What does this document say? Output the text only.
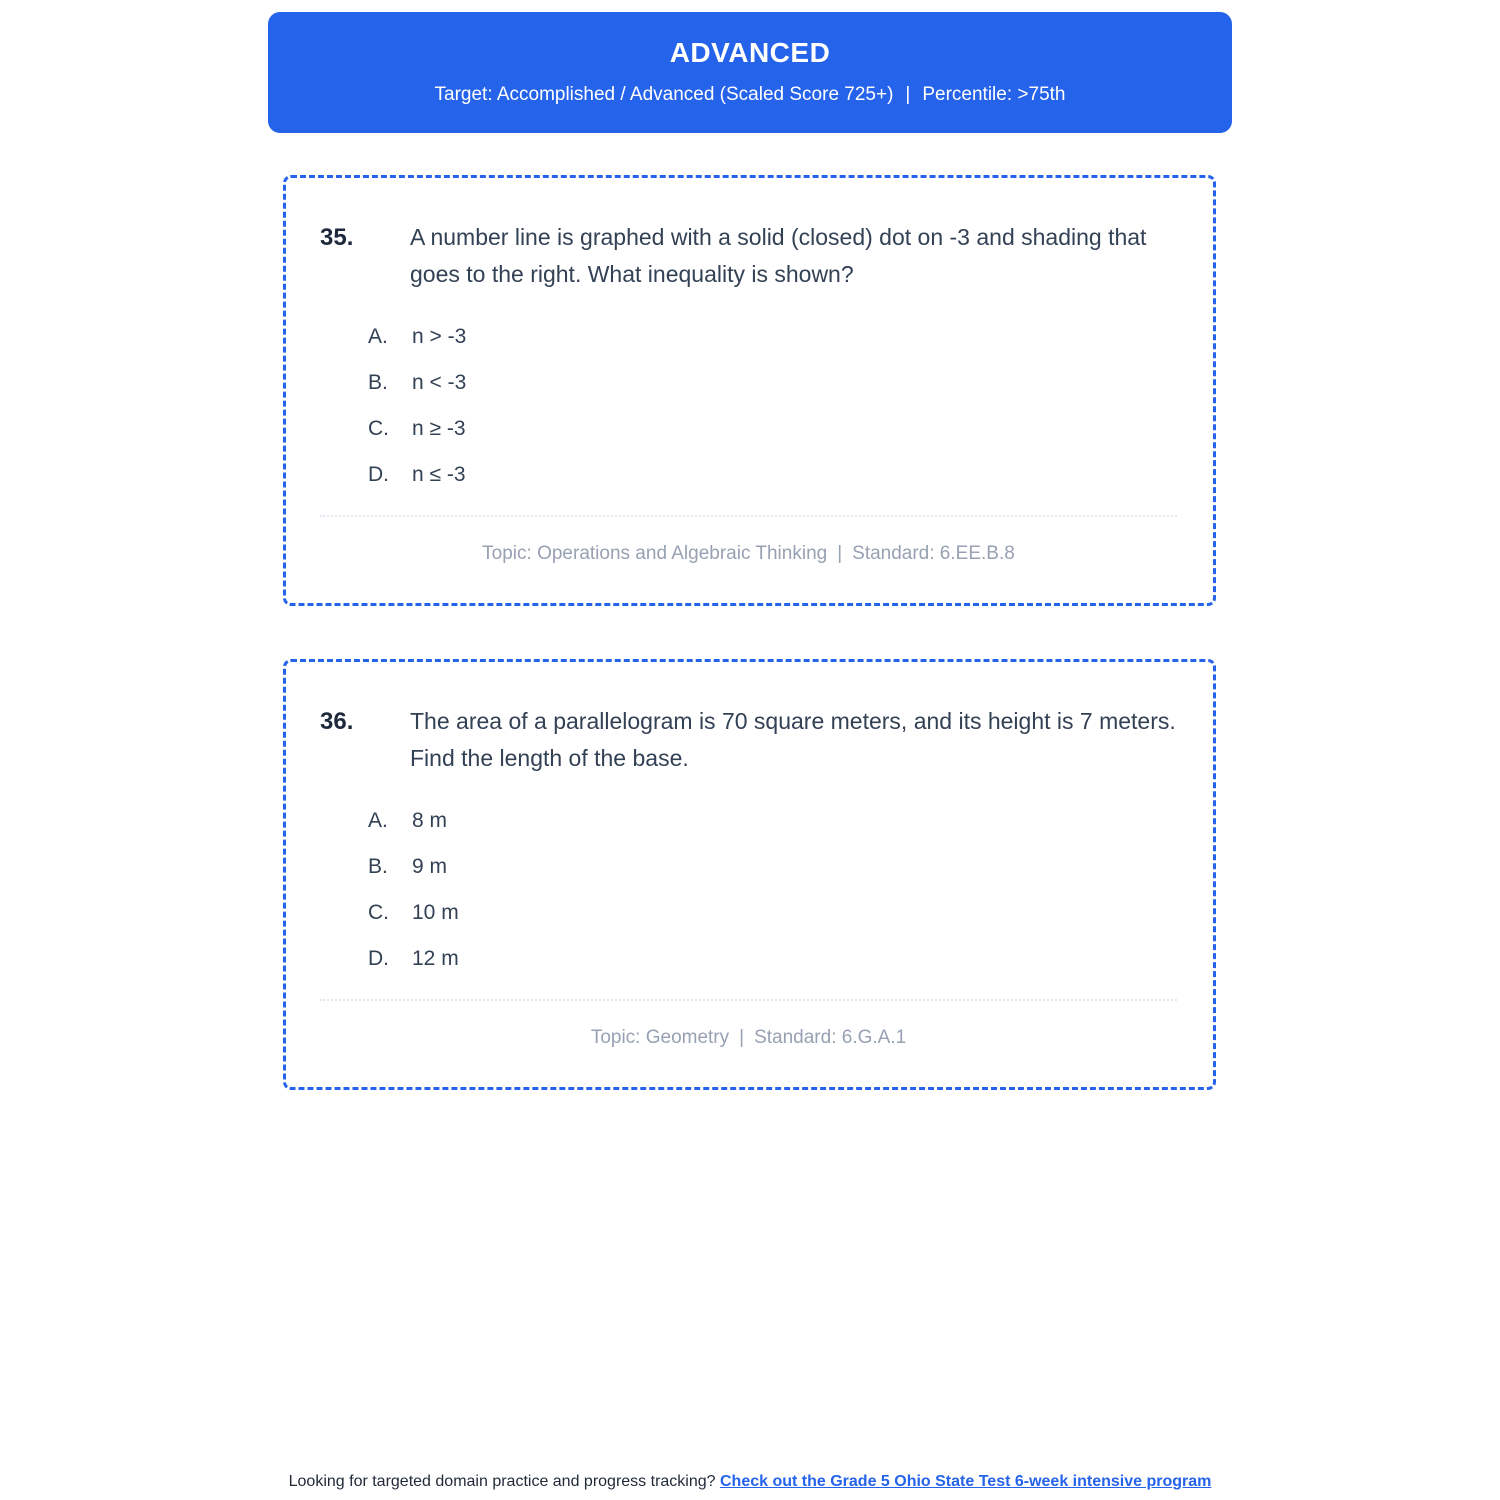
ADVANCED
Target: Accomplished / Advanced (Scaled Score 725+) | Percentile: >75th
35.	A number line is graphed with a solid (closed) dot on -3 and shading that goes to the right. What inequality is shown?
A.	n > -3
B.	n < -3
C.	n ≥ -3
D.	n ≤ -3
Topic: Operations and Algebraic Thinking | Standard: 6.EE.B.8
36.	The area of a parallelogram is 70 square meters, and its height is 7 meters. Find the length of the base.
A.	8 m
B.	9 m
C.	10 m
D.	12 m
Topic: Geometry | Standard: 6.G.A.1
Looking for targeted domain practice and progress tracking? Check out the Grade 5 Ohio State Test 6-week intensive program
